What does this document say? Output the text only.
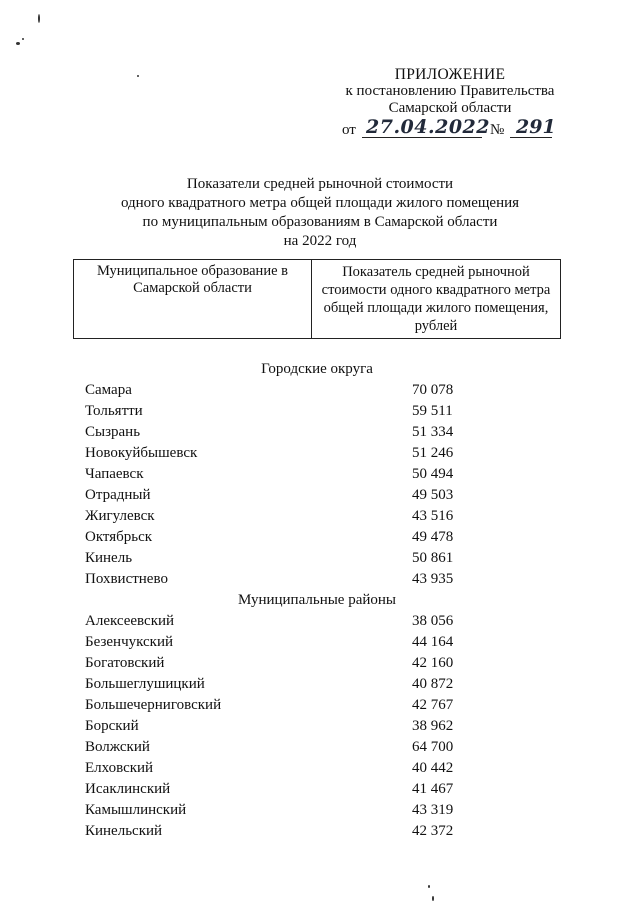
ПРИЛОЖЕНИЕ
к постановлению Правительства
Самарской области
от 27.04.2022 № 291
Показатели средней рыночной стоимости
одного квадратного метра общей площади жилого помещения
по муниципальным образованиям в Самарской области
на 2022 год
Муниципальное образование в Самарской области
Показатель средней рыночной стоимости одного квадратного метра общей площади жилого помещения, рублей
Городские округа
Самара	70 078
Тольятти	59 511
Сызрань	51 334
Новокуйбышевск	51 246
Чапаевск	50 494
Отрадный	49 503
Жигулевск	43 516
Октябрьск	49 478
Кинель	50 861
Похвистнево	43 935
Муниципальные районы
Алексеевский	38 056
Безенчукский	44 164
Богатовский	42 160
Большеглушицкий	40 872
Большечерниговский	42 767
Борский	38 962
Волжский	64 700
Елховский	40 442
Исаклинский	41 467
Камышлинский	43 319
Кинельский	42 372
